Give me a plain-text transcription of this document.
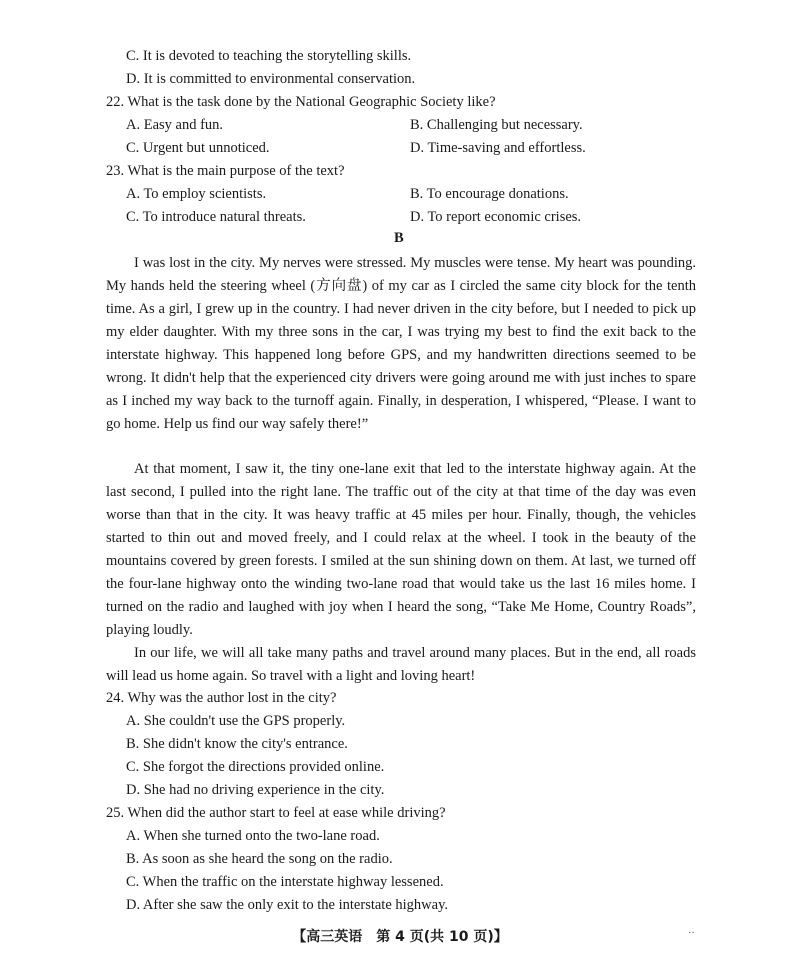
C. It is devoted to teaching the storytelling skills.
D. It is committed to environmental conservation.
22. What is the task done by the National Geographic Society like?
A. Easy and fun.	B. Challenging but necessary.
C. Urgent but unnoticed.	D. Time-saving and effortless.
23. What is the main purpose of the text?
A. To employ scientists.	B. To encourage donations.
C. To introduce natural threats.	D. To report economic crises.
B
I was lost in the city. My nerves were stressed. My muscles were tense. My heart was pounding. My hands held the steering wheel (方向盘) of my car as I circled the same city block for the tenth time. As a girl, I grew up in the country. I had never driven in the city before, but I needed to pick up my elder daughter. With my three sons in the car, I was trying my best to find the exit back to the interstate highway. This happened long before GPS, and my handwritten directions seemed to be wrong. It didn't help that the experienced city drivers were going around me with just inches to spare as I inched my way back to the turnoff again. Finally, in desperation, I whispered, “Please. I want to go home. Help us find our way safely there!”
At that moment, I saw it, the tiny one-lane exit that led to the interstate highway again. At the last second, I pulled into the right lane. The traffic out of the city at that time of the day was even worse than that in the city. It was heavy traffic at 45 miles per hour. Finally, though, the vehicles started to thin out and moved freely, and I could relax at the wheel. I took in the beauty of the mountains covered by green forests. I smiled at the sun shining down on them. At last, we turned off the four-lane highway onto the winding two-lane road that would take us the last 16 miles home. I turned on the radio and laughed with joy when I heard the song, “Take Me Home, Country Roads”, playing loudly.
In our life, we will all take many paths and travel around many places. But in the end, all roads will lead us home again. So travel with a light and loving heart!
24. Why was the author lost in the city?
A. She couldn't use the GPS properly.
B. She didn't know the city's entrance.
C. She forgot the directions provided online.
D. She had no driving experience in the city.
25. When did the author start to feel at ease while driving?
A. When she turned onto the two-lane road.
B. As soon as she heard the song on the radio.
C. When the traffic on the interstate highway lessened.
D. After she saw the only exit to the interstate highway.
【高三英语　第 4 页(共 10 页)】	··
